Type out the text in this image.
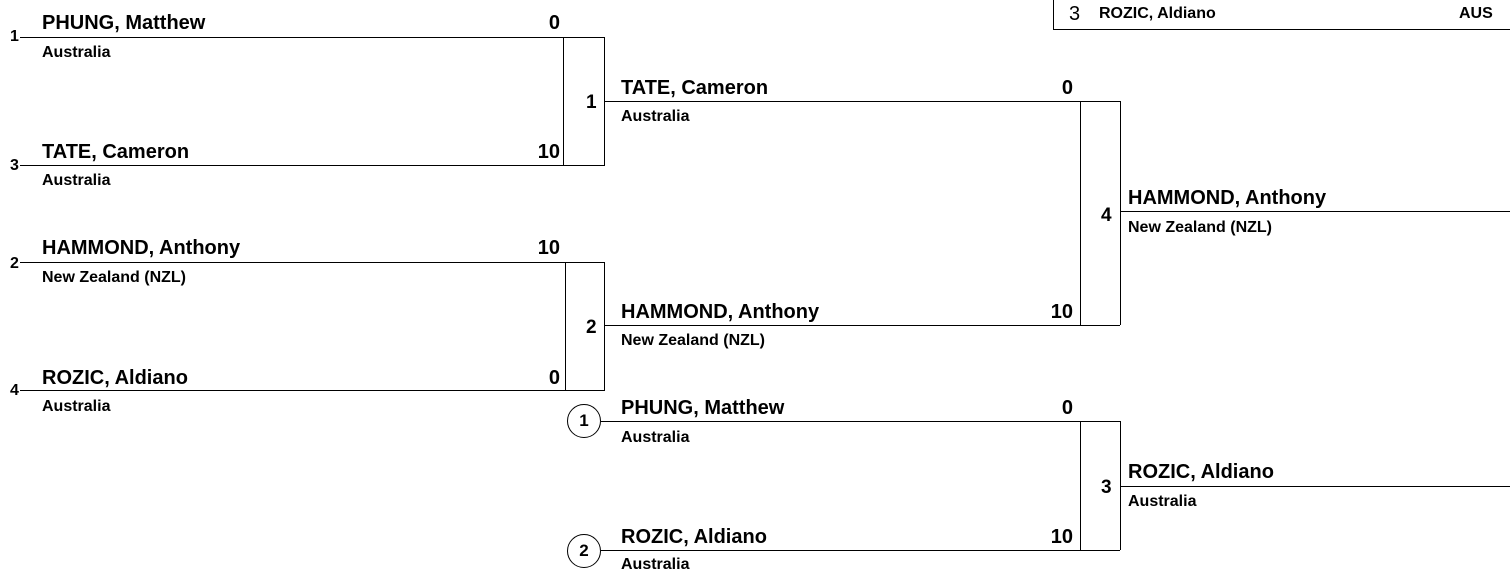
3 ROZIC, Aldiano	AUS
1
PHUNG, Matthew	0
Australia
3
TATE, Cameron	10
Australia
1
2
HAMMOND, Anthony	10
New Zealand (NZL)
4
ROZIC, Aldiano	0
Australia
2
TATE, Cameron	0
Australia
HAMMOND, Anthony	10
New Zealand (NZL)
4
HAMMOND, Anthony
New Zealand (NZL)
1
PHUNG, Matthew	0
Australia
2
ROZIC, Aldiano	10
Australia
3
ROZIC, Aldiano
Australia
